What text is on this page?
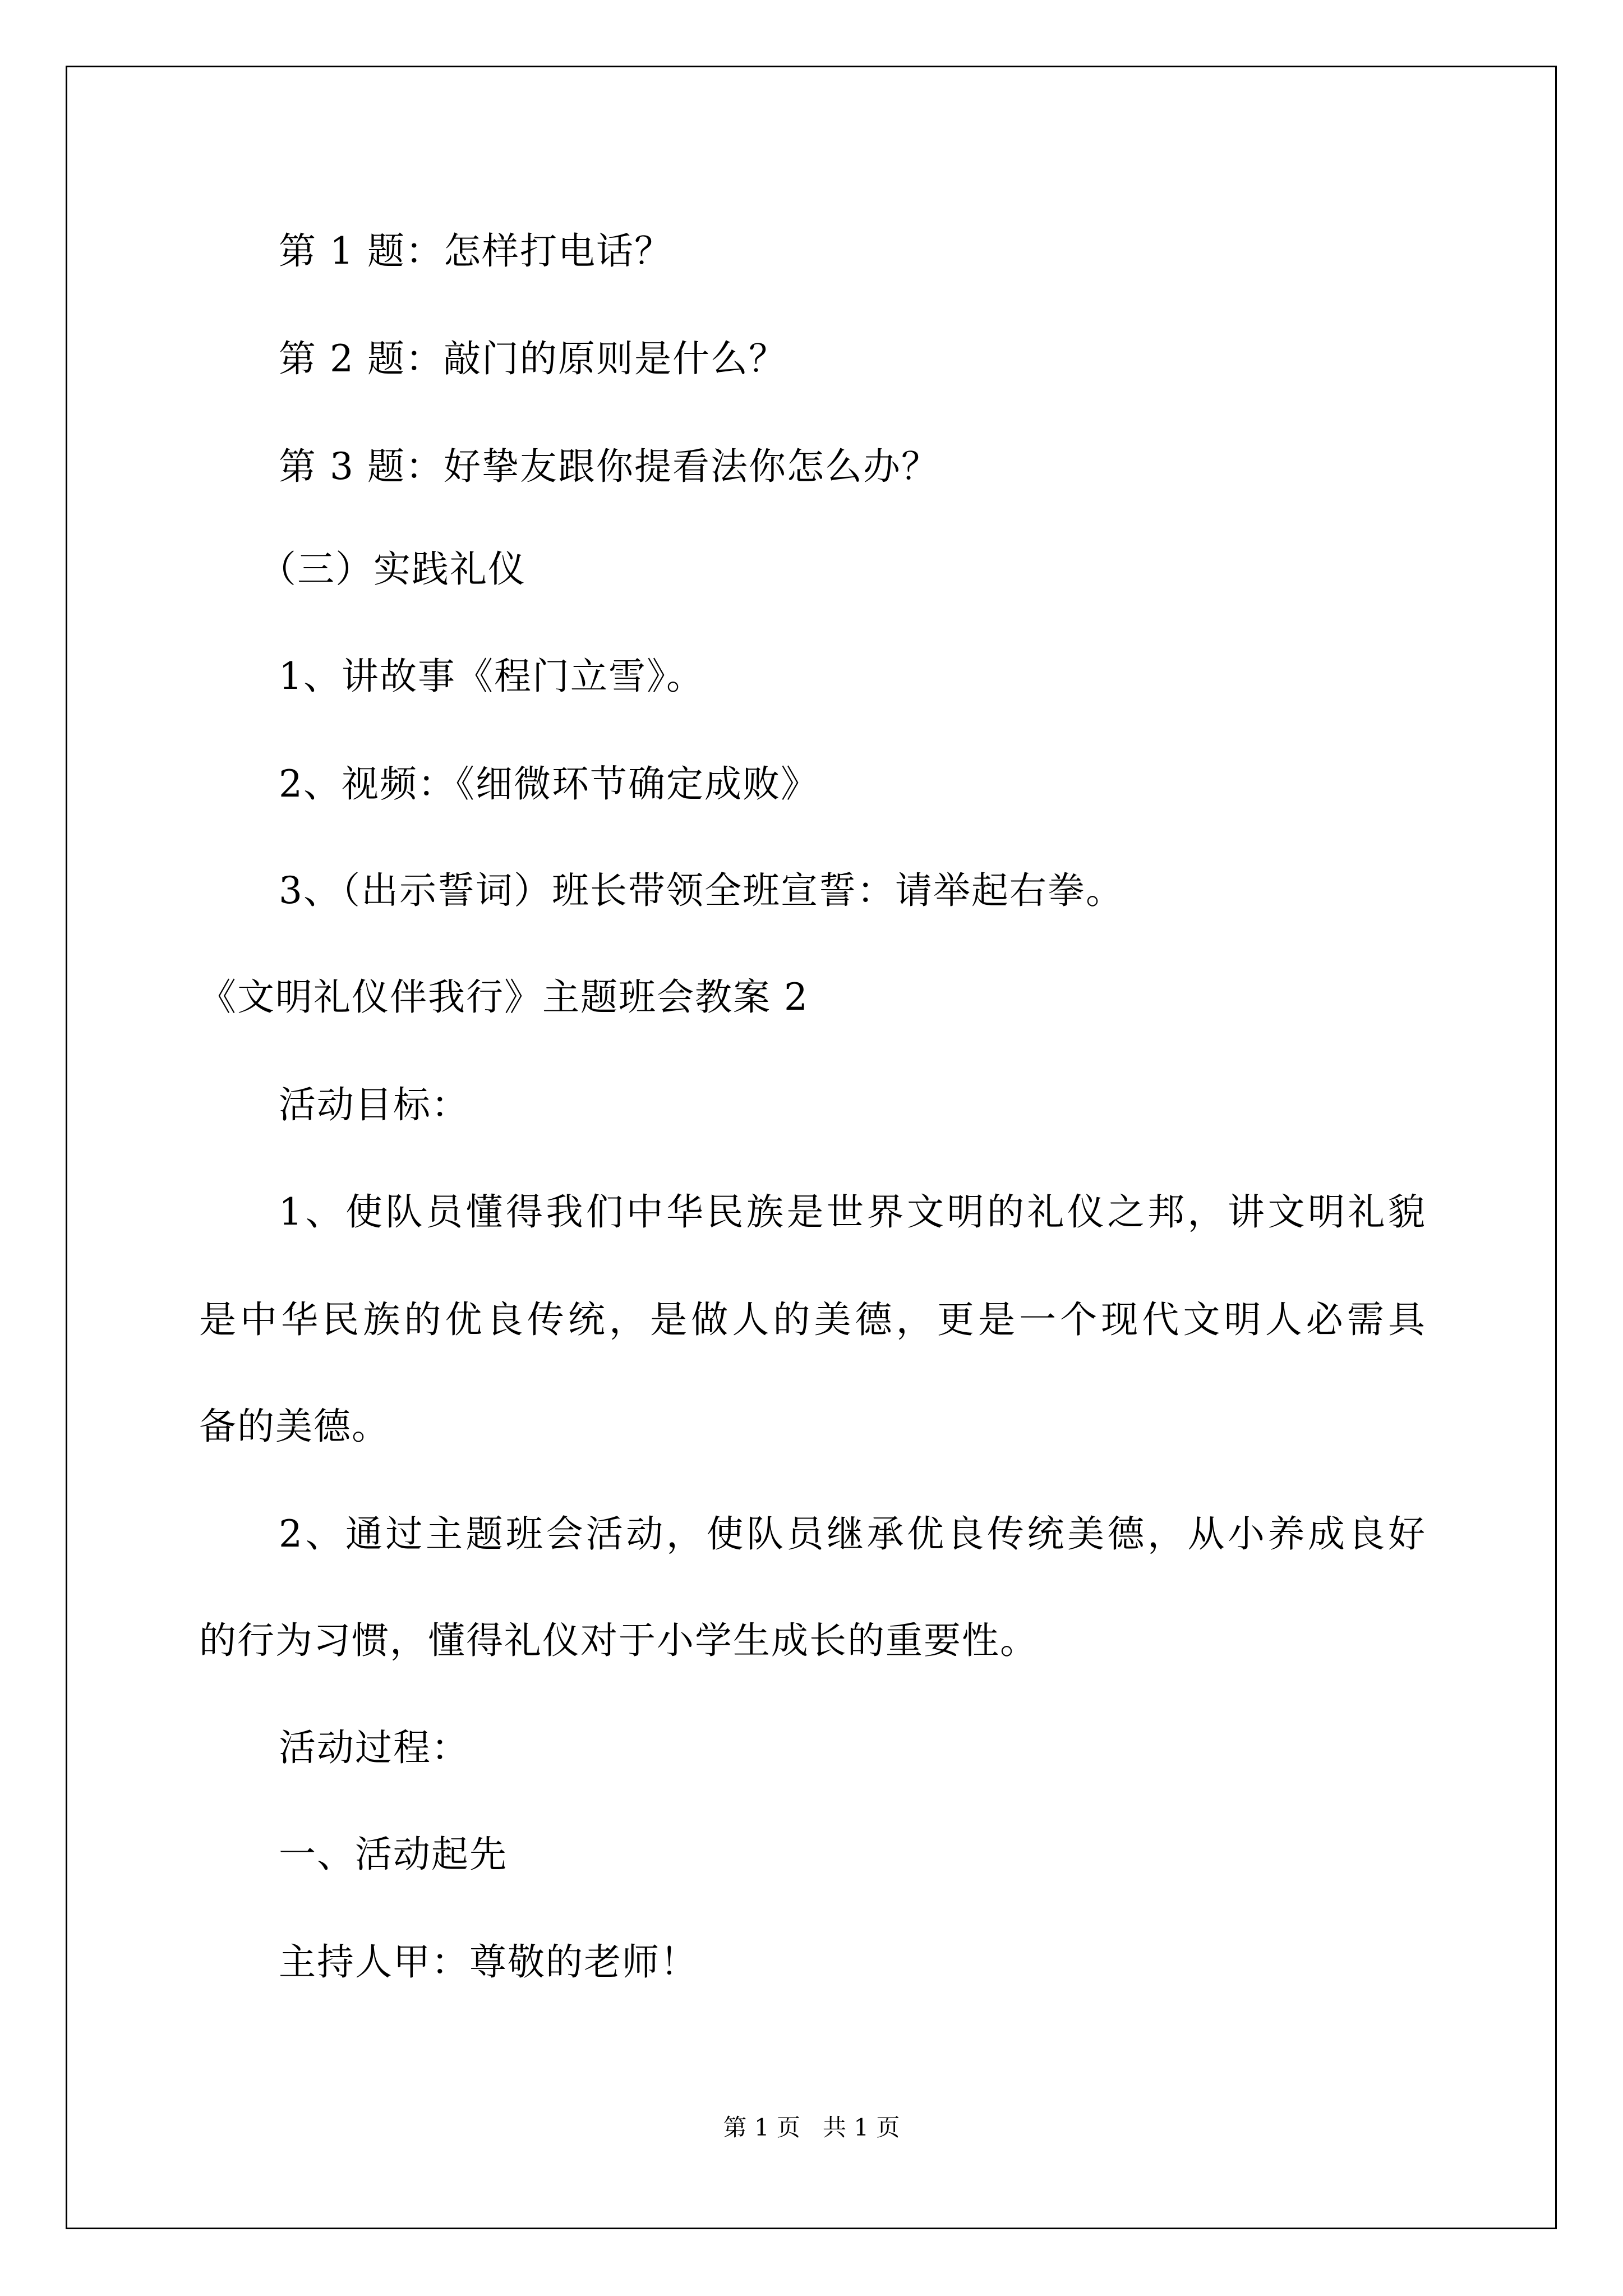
第 1 题：怎样打电话？
第 2 题：敲门的原则是什么？
第 3 题：好挚友跟你提看法你怎么办？
（三）实践礼仪
1、讲故事《程门立雪》。
2、视频：《细微环节确定成败》
3、（出示誓词）班长带领全班宣誓：请举起右拳。
《文明礼仪伴我行》主题班会教案 2
活动目标：
1、使队员懂得我们中华民族是世界文明的礼仪之邦，讲文明礼貌
是中华民族的优良传统，是做人的美德，更是一个现代文明人必需具
备的美德。
2、通过主题班会活动，使队员继承优良传统美德，从小养成良好
的行为习惯，懂得礼仪对于小学生成长的重要性。
活动过程：
一、活动起先
主持人甲：尊敬的老师！
第 1 页   共 1 页
